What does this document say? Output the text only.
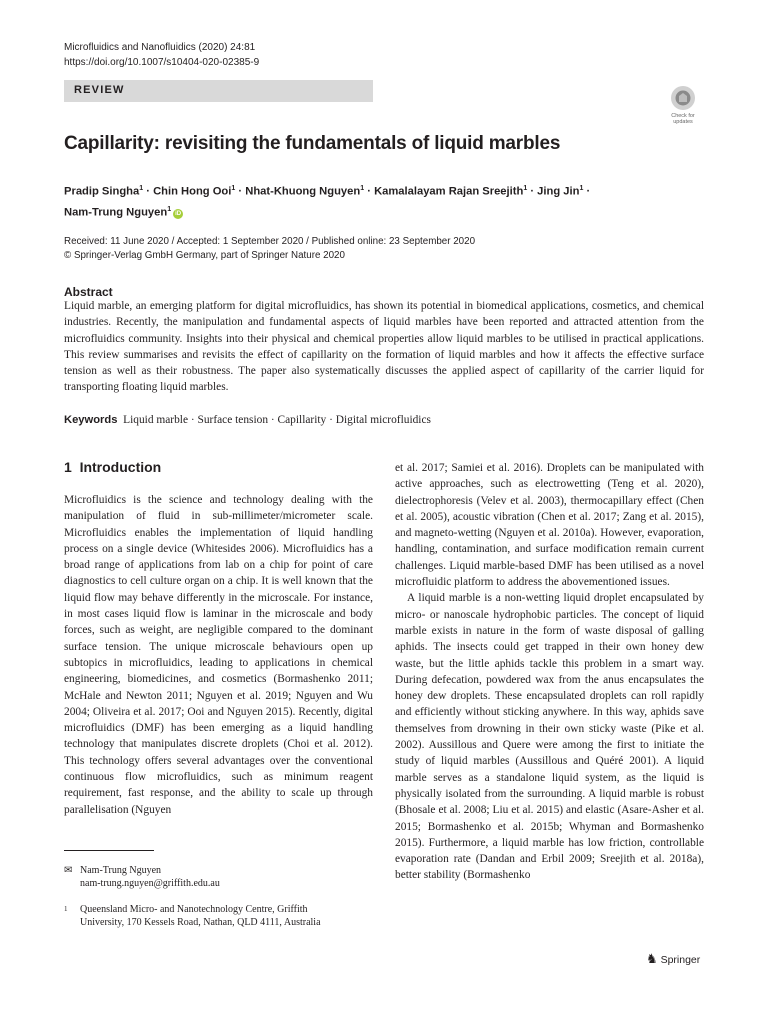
Microfluidics and Nanofluidics (2020) 24:81
https://doi.org/10.1007/s10404-020-02385-9
REVIEW
Check for
updates
Capillarity: revisiting the fundamentals of liquid marbles
Pradip Singha$^1$ · Chin Hong Ooi$^1$ · Nhat‑Khuong Nguyen$^1$ · Kamalalayam Rajan Sreejith$^1$ · Jing Jin$^1$ ·
Nam‑Trung Nguyen$^1$iD
Received: 11 June 2020 / Accepted: 1 September 2020 / Published online: 23 September 2020
© Springer-Verlag GmbH Germany, part of Springer Nature 2020
Abstract
Liquid marble, an emerging platform for digital microfluidics, has shown its potential in biomedical applications, cosmetics, and chemical industries. Recently, the manipulation and fundamental aspects of liquid marbles have been reported and attracted attention from the microfluidics community. Insights into their physical and chemical properties allow liquid marbles to be utilised in practical applications. This review summarises and revisits the effect of capillarity on the formation of liquid marbles and how it affects the effective surface tension as well as their robustness. The paper also systematically discusses the applied aspect of capillarity of the carrier liquid for transporting floating liquid marbles.
Keywords Liquid marble · Surface tension · Capillarity · Digital microfluidics
1 Introduction

Microfluidics is the science and technology dealing with the manipulation of fluid in sub-millimeter/micrometer scale. Microfluidics enables the implementation of liquid handling process on a single device (Whitesides 2006). Microfluidics has a broad range of applications from lab on a chip for point of care diagnostics to cell culture organ on a chip. It is well known that the liquid flow may behave differently in the microscale. For instance, in most cases liquid flow is laminar in the microscale and body forces, such as weight, are negligible compared to the dominant surface tension. The unique microscale behaviours open up subtopics in microfluidics, leading to applications in chemical engineering, biomedicines, and cosmetics (Bormashenko 2011; McHale and Newton 2011; Nguyen et al. 2019; Nguyen and Wu 2004; Oliveira et al. 2017; Ooi and Nguyen 2015). Recently, digital microfluidics (DMF) has been emerging as a liquid handling technology that manipulates discrete droplets (Choi et al. 2012). This technology offers several advantages over the conventional continuous flow microfluidics, such as minimum reagent requirement, fast response, and the ability to scale up through parallelisation (Nguyen

et al. 2017; Samiei et al. 2016). Droplets can be manipulated with active approaches, such as electrowetting (Teng et al. 2020), dielectrophoresis (Velev et al. 2003), thermocapillary effect (Chen et al. 2005), acoustic vibration (Chen et al. 2017; Zang et al. 2015), and magneto-wetting (Nguyen et al. 2010a). However, evaporation, handling, contamination, and surface modification remain current challenges. Liquid marble-based DMF has been utilised as a novel microfluidic platform to address the abovementioned issues.

A liquid marble is a non-wetting liquid droplet encapsulated by micro- or nanoscale hydrophobic particles. The concept of liquid marble exists in nature in the form of waste disposal of galling aphids. The insects could get trapped in their own honey dew waste, but the little aphids tackle this problem in a smart way. During defecation, powdered wax from the anus encapsulates the honey dew droplets. These encapsulated droplets can roll rapidly and efficiently without sticking anywhere. In this way, aphids save themselves from drowning in their own sticky waste (Pike et al. 2002). Aussillous and Quere were among the first to initiate the study of liquid marbles (Aussillous and Quéré 2001). A liquid marble serves as a standalone liquid system, as the liquid is physically isolated from the surrounding. A liquid marble is robust (Bhosale et al. 2008; Liu et al. 2015) and elastic (Asare-Asher et al. 2015; Bormashenko et al. 2015b; Whyman and Bormashenko 2015). Furthermore, a liquid marble has low friction, controllable evaporation rate (Dandan and Erbil 2009; Sreejith et al. 2018a), better stability (Bormashenko

✉ Nam‑Trung Nguyen
nam-trung.nguyen@griffith.edu.au
1 Queensland Micro- and Nanotechnology Centre, Griffith
University, 170 Kessels Road, Nathan, QLD 4111, Australia
♞ Springer
